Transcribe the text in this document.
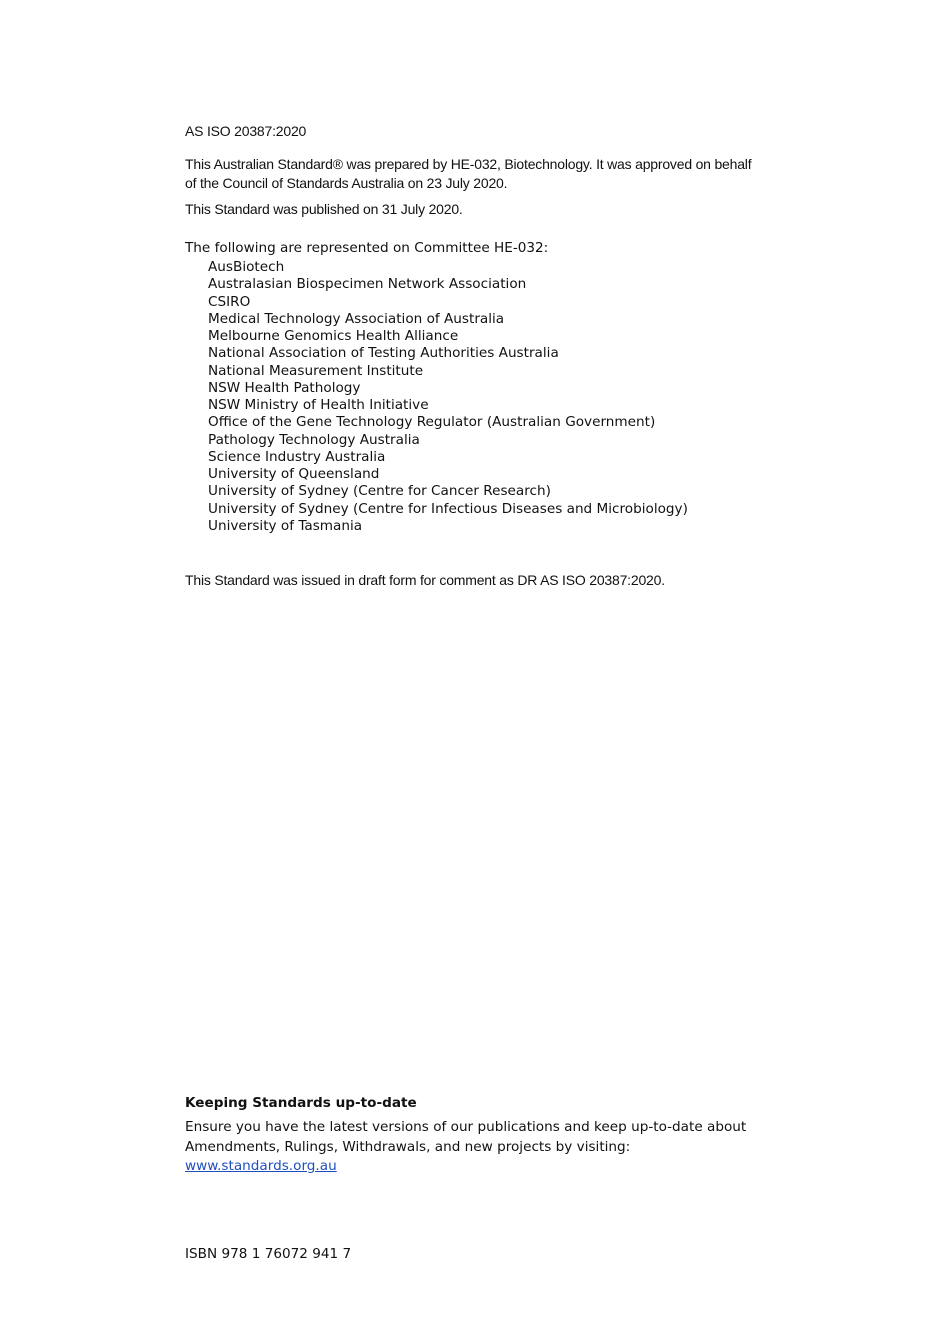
AS ISO 20387:2020

This Australian Standard® was prepared by HE-032, Biotechnology. It was approved on behalf of the Council of Standards Australia on 23 July 2020.

This Standard was published on 31 July 2020.

The following are represented on Committee HE-032:

AusBiotech
Australasian Biospecimen Network Association
CSIRO
Medical Technology Association of Australia
Melbourne Genomics Health Alliance
National Association of Testing Authorities Australia
National Measurement Institute
NSW Health Pathology
NSW Ministry of Health Initiative
Office of the Gene Technology Regulator (Australian Government)
Pathology Technology Australia
Science Industry Australia
University of Queensland
University of Sydney (Centre for Cancer Research)
University of Sydney (Centre for Infectious Diseases and Microbiology)
University of Tasmania

This Standard was issued in draft form for comment as DR AS ISO 20387:2020.

Keeping Standards up-to-date

Ensure you have the latest versions of our publications and keep up-to-date about Amendments, Rulings, Withdrawals, and new projects by visiting:
www.standards.org.au

ISBN 978 1 76072 941 7
